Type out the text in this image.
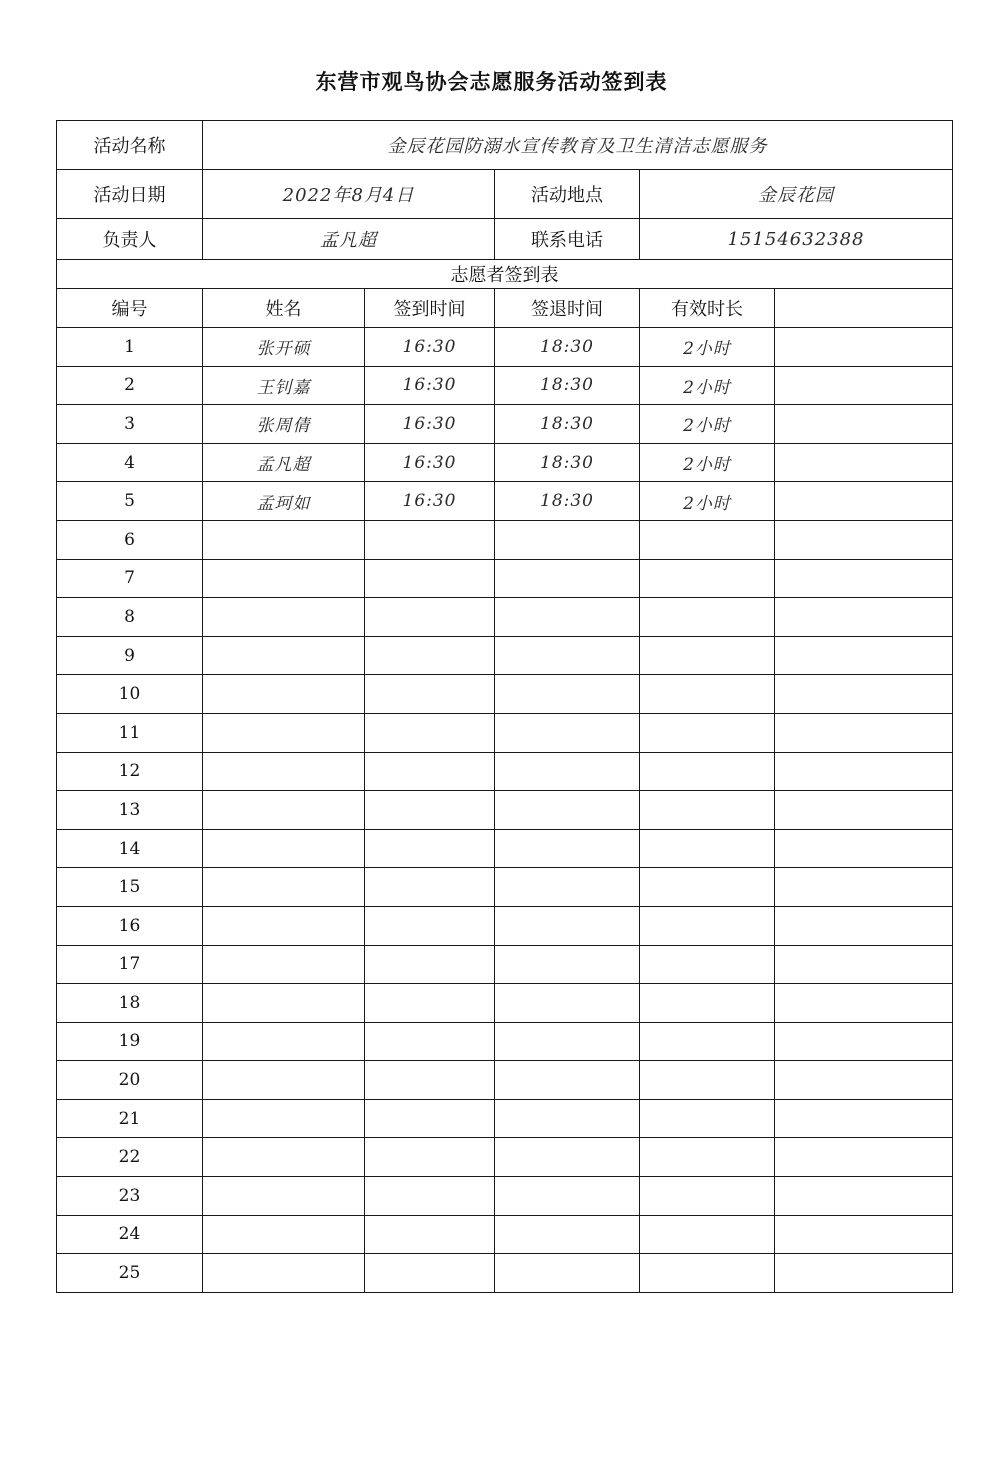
东营市观鸟协会志愿服务活动签到表
活动名称	金辰花园防溺水宣传教育及卫生清洁志愿服务				
活动日期	2022年8月4日		活动地点	金辰花园	
负责人	孟凡超		联系电话	15154632388	
志愿者签到表					
编号	姓名	签到时间	签退时间	有效时长	
1	张开硕	16:30	18:30	2小时	
2	王钊嘉	16:30	18:30	2小时	
3	张周倩	16:30	18:30	2小时	
4	孟凡超	16:30	18:30	2小时	
5	孟珂如	16:30	18:30	2小时	
6					
7					
8					
9					
10					
11					
12					
13					
14					
15					
16					
17					
18					
19					
20					
21					
22					
23					
24					
25					
